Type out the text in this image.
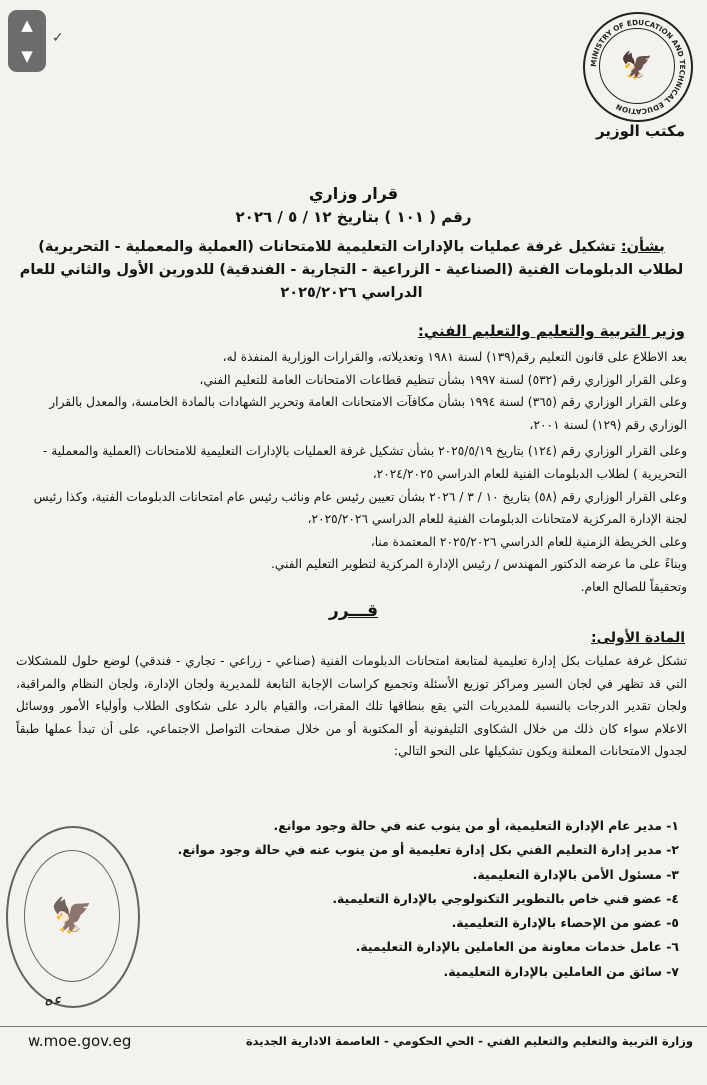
▲
▼
✓
MINISTRY OF EDUCATION AND TECHNICAL EDUCATION
🦅
مكتب الوزير
قرار وزاري
رقم ( ١٠١ ) بتاريخ ١٢ / ٥ / ٢٠٢٦
بشأن: تشكيل غرفة عمليات بالإدارات التعليمية للامتحانات (العملية والمعملية - التحريرية) لطلاب الدبلومات الفنية (الصناعية - الزراعية - التجارية - الفندقية) للدورين الأول والثاني للعام الدراسي ٢٠٢٥/٢٠٢٦
وزير التربية والتعليم والتعليم الفني:

بعد الاطلاع على قانون التعليم رقم(١٣٩) لسنة ١٩٨١ وتعديلاته، والقرارات الوزارية المنفذة له،

وعلى القرار الوزاري رقم (٥٣٢) لسنة ١٩٩٧ بشأن تنظيم قطاعات الامتحانات العامة للتعليم الفني،

وعلى القرار الوزاري رقم (٣٦٥) لسنة ١٩٩٤ بشأن مكافآت الامتحانات العامة وتحرير الشهادات بالمادة الخامسة، والمعدل بالقرار الوزاري رقم (١٢٩) لسنة ٢٠٠١،

وعلى القرار الوزاري رقم (١٢٤) بتاريخ ٢٠٢٥/٥/١٩ بشأن تشكيل غرفة العمليات بالإدارات التعليمية للامتحانات (العملية والمعملية - التحريرية ) لطلاب الدبلومات الفنية للعام الدراسي ٢٠٢٤/٢٠٢٥،

وعلى القرار الوزاري رقم (٥٨) بتاريخ ١٠ / ٣ / ٢٠٢٦ بشأن تعيين رئيس عام ونائب رئيس عام امتحانات الدبلومات الفنية، وكذا رئيس لجنة الإدارة المركزية لامتحانات الدبلومات الفنية للعام الدراسي ٢٠٢٥/٢٠٢٦،

وعلى الخريطة الزمنية للعام الدراسي ٢٠٢٥/٢٠٢٦ المعتمدة منا،

وبناءً على ما عرضه الدكتور المهندس / رئيس الإدارة المركزية لتطوير التعليم الفني.

وتحقيقاً للصالح العام.

قـــرر
المادة الأولى:

تشكل غرفة عمليات بكل إدارة تعليمية لمتابعة امتحانات الدبلومات الفنية (صناعي - زراعي - تجاري - فندقي) لوضع حلول للمشكلات التي قد تظهر في لجان السير ومراكز توزيع الأسئلة وتجميع كراسات الإجابة التابعة للمديرية ولجان الإدارة، ولجان النظام والمراقبة، ولجان تقدير الدرجات بالنسبة للمديريات التي يقع بنطاقها تلك المقرات، والقيام بالرد على شكاوى الطلاب وأولياء الأمور ووسائل الاعلام سواء كان ذلك من خلال الشكاوى التليفونية أو المكتوبة أو من خلال صفحات التواصل الاجتماعي، على أن تبدأ عملها طبقاً لجدول الامتحانات المعلنة ويكون تشكيلها على النحو التالي:

١- مدير عام الإدارة التعليمية، أو من ينوب عنه في حالة وجود موانع.
٢- مدير إدارة التعليم الفني بكل إدارة تعليمية أو من ينوب عنه في حالة وجود موانع.
٣- مسئول الأمن بالإدارة التعليمية.
٤- عضو فني خاص بالتطوير التكنولوجي بالإدارة التعليمية.
٥- عضو من الإحصاء بالإدارة التعليمية.
٦- عامل خدمات معاونة من العاملين بالإدارة التعليمية.
٧- سائق من العاملين بالإدارة التعليمية.
🦅
ءه
w.moe.gov.eg	وزارة التربية والتعليم والتعليم الفني - الحي الحكومي - العاصمة الادارية الجديدة
